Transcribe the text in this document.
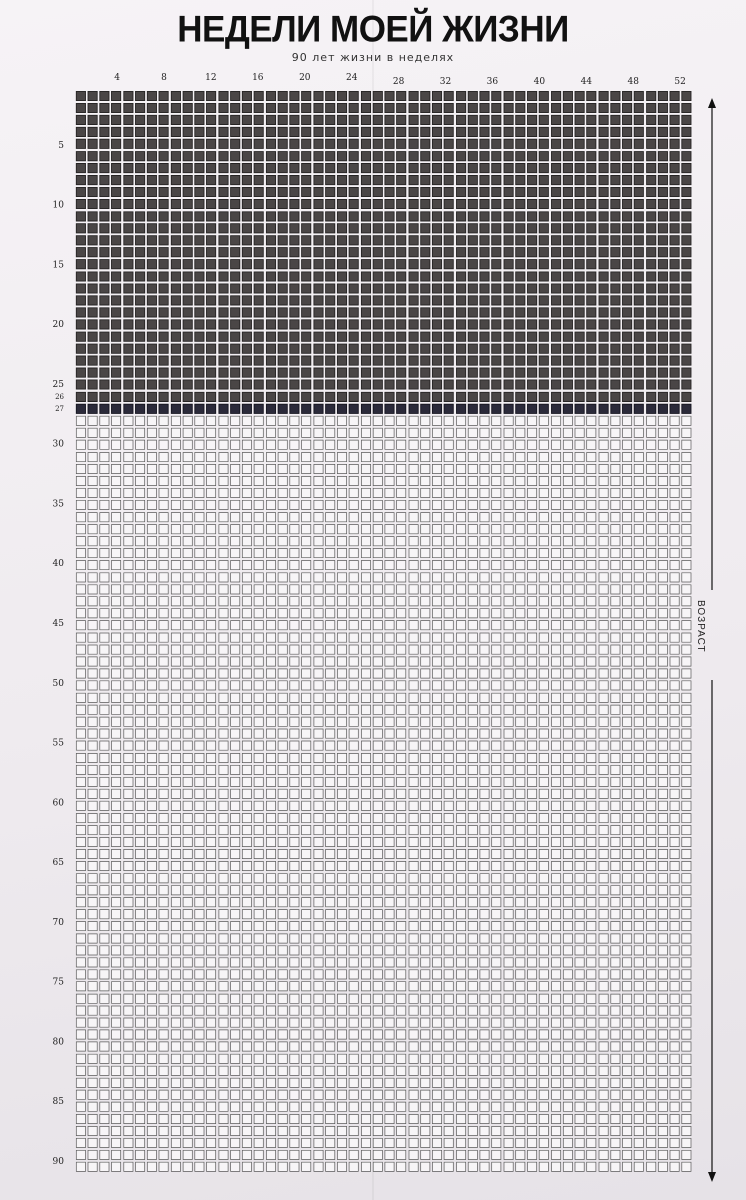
НЕДЕЛИ МОЕЙ ЖИЗНИ
90 лет жизни в неделях
4	8	12	16	20	24	28	32	36	40	44	48	52
5
10
15
20
25
26
27
30
35
40
45
50
55
60
65
70
75
80
85
90
ВОЗРАСТ
